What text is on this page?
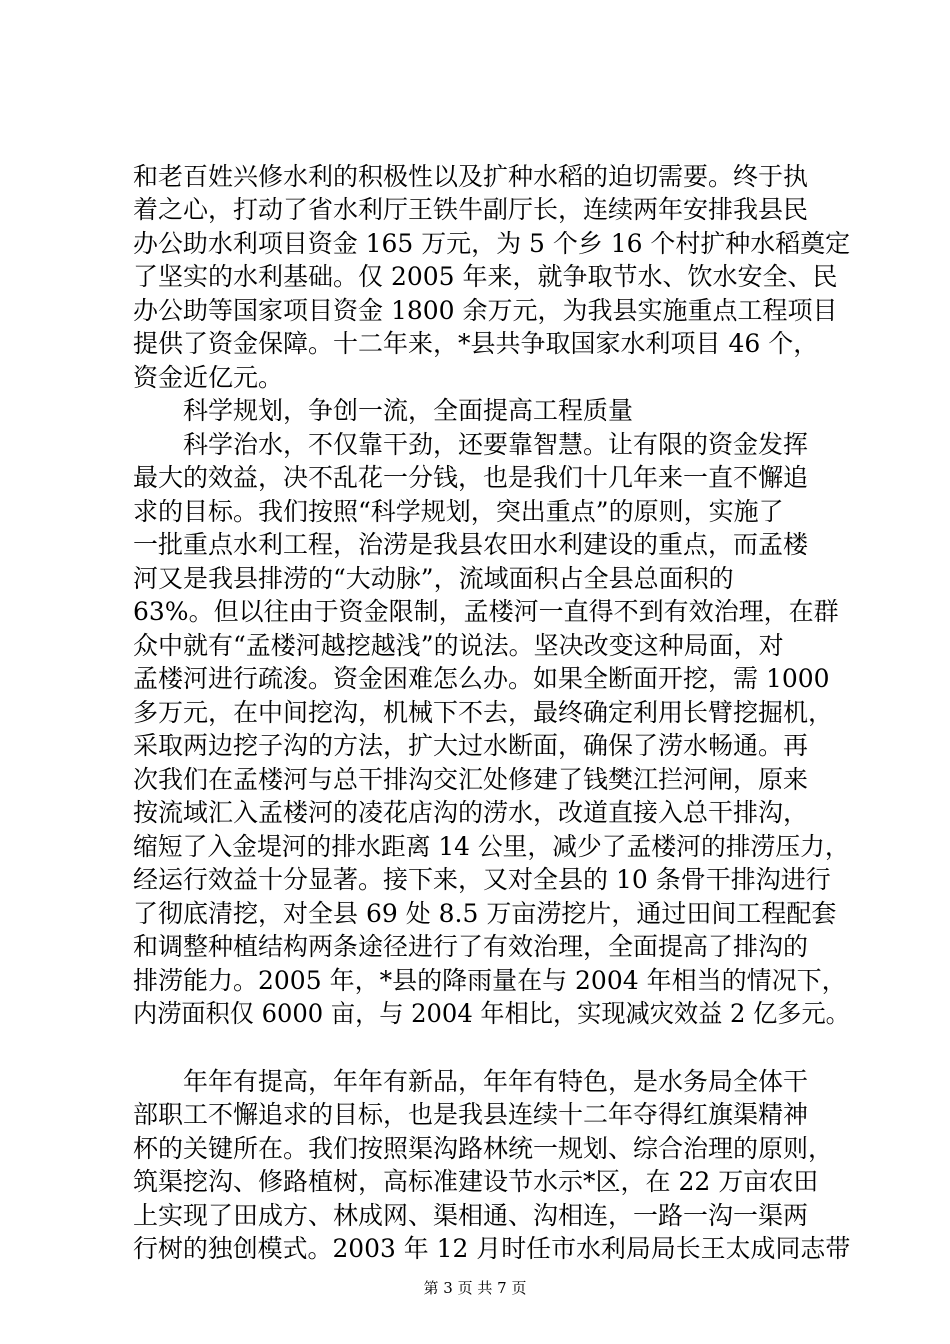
和老百姓兴修水利的积极性以及扩种水稻的迫切需要。终于执
着之心，打动了省水利厅王铁牛副厅长，连续两年安排我县民
办公助水利项目资金 165 万元，为 5 个乡 16 个村扩种水稻奠定
了坚实的水利基础。仅 2005 年来，就争取节水、饮水安全、民
办公助等国家项目资金 1800 余万元，为我县实施重点工程项目
提供了资金保障。十二年来，*县共争取国家水利项目 46 个，
资金近亿元。
　　科学规划，争创一流，全面提高工程质量
　　科学治水，不仅靠干劲，还要靠智慧。让有限的资金发挥
最大的效益，决不乱花一分钱，也是我们十几年来一直不懈追
求的目标。我们按照“科学规划，突出重点”的原则，实施了
一批重点水利工程，治涝是我县农田水利建设的重点，而孟楼
河又是我县排涝的“大动脉”，流域面积占全县总面积的
63%。但以往由于资金限制，孟楼河一直得不到有效治理，在群
众中就有“孟楼河越挖越浅”的说法。坚决改变这种局面，对
孟楼河进行疏浚。资金困难怎么办。如果全断面开挖，需 1000
多万元，在中间挖沟，机械下不去，最终确定利用长臂挖掘机，
采取两边挖子沟的方法，扩大过水断面，确保了涝水畅通。再
次我们在孟楼河与总干排沟交汇处修建了钱樊江拦河闸，原来
按流域汇入孟楼河的凌花店沟的涝水，改道直接入总干排沟，
缩短了入金堤河的排水距离 14 公里，减少了孟楼河的排涝压力，
经运行效益十分显著。接下来，又对全县的 10 条骨干排沟进行
了彻底清挖，对全县 69 处 8.5 万亩涝挖片，通过田间工程配套
和调整种植结构两条途径进行了有效治理，全面提高了排沟的
排涝能力。2005 年，*县的降雨量在与 2004 年相当的情况下，
内涝面积仅 6000 亩，与 2004 年相比，实现减灾效益 2 亿多元。
　　年年有提高，年年有新品，年年有特色，是水务局全体干
部职工不懈追求的目标，也是我县连续十二年夺得红旗渠精神
杯的关键所在。我们按照渠沟路林统一规划、综合治理的原则，
筑渠挖沟、修路植树，高标准建设节水示*区，在 22 万亩农田
上实现了田成方、林成网、渠相通、沟相连，一路一沟一渠两
行树的独创模式。2003 年 12 月时任市水利局局长王太成同志带
第 3 页 共 7 页
